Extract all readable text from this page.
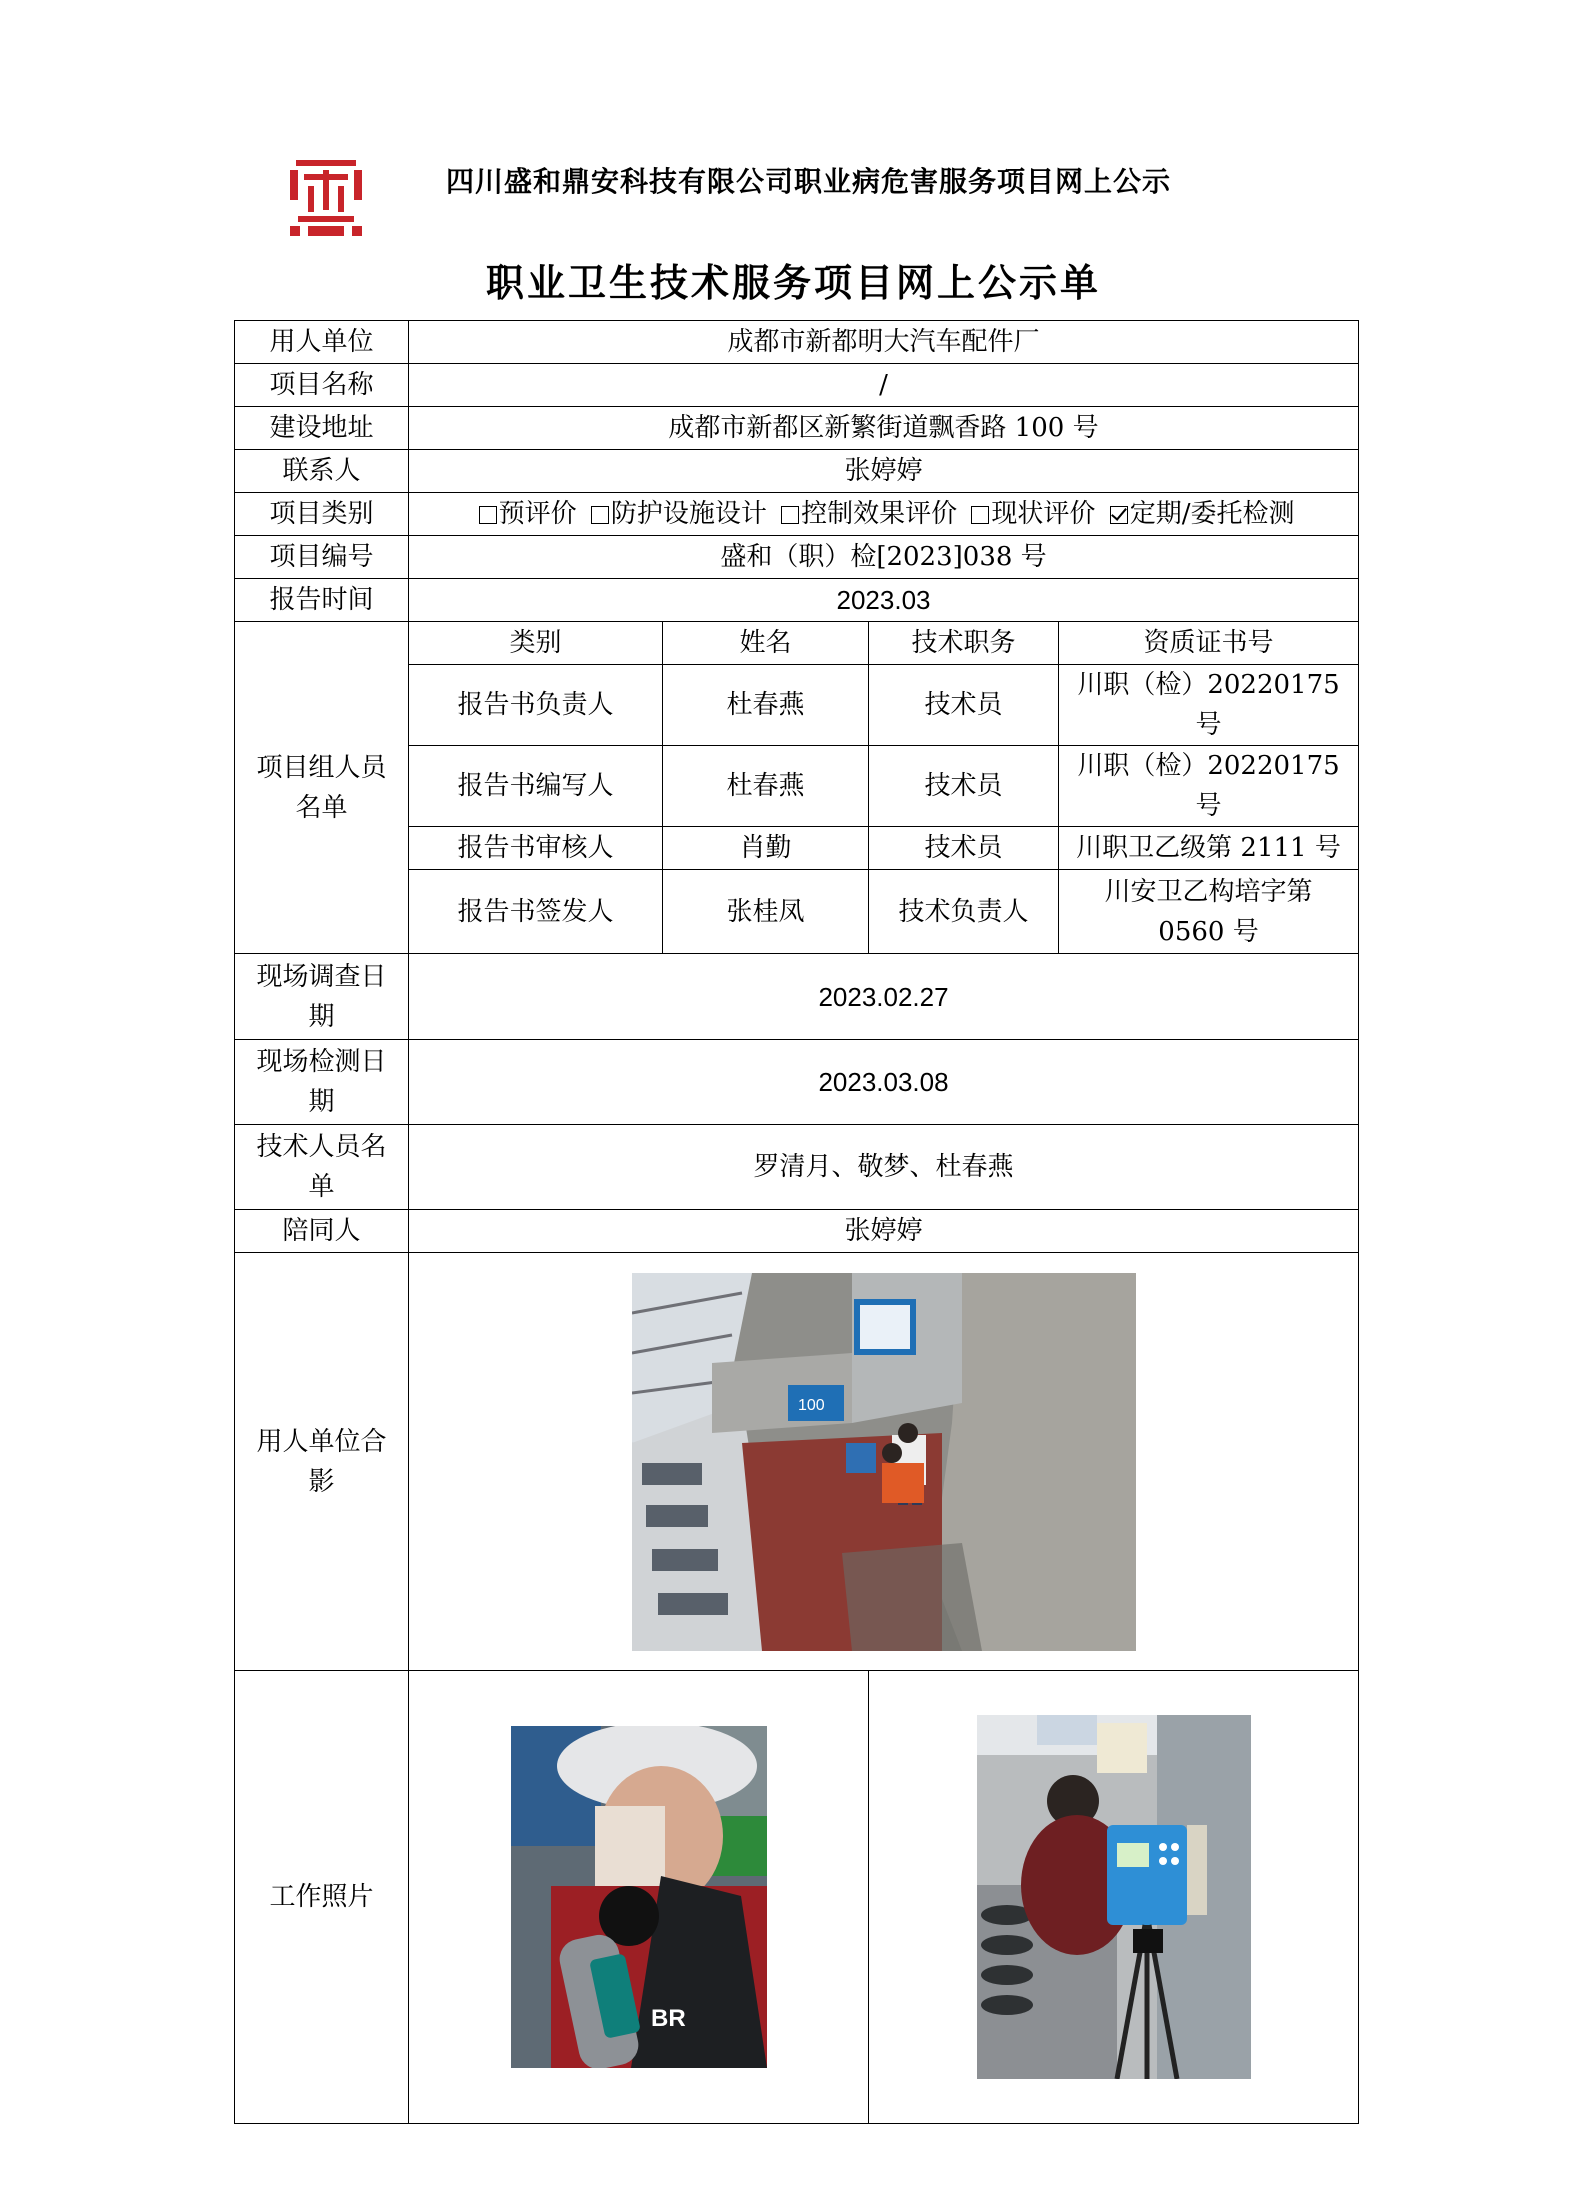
四川盛和鼎安科技有限公司职业病危害服务项目网上公示
职业卫生技术服务项目网上公示单
用人单位	成都市新都明大汽车配件厂			
项目名称	/			
建设地址	成都市新都区新繁街道飘香路 100 号			
联系人	张婷婷			
项目类别	预评价 防护设施设计 控制效果评价 现状评价 定期/委托检测			
项目编号	盛和（职）检[2023]038 号			
报告时间	2023.03			

项目组人员
名单	类别	姓名	技术职务	资质证书号
	报告书负责人	杜春燕	技术员	川职（检）20220175 号
	报告书编写人	杜春燕	技术员	川职（检）20220175 号
	报告书审核人	肖勤	技术员	川职卫乙级第 2111 号
	报告书签发人	张桂凤	技术负责人	川安卫乙构培字第
0560 号

现场调查日
期	2023.02.27			

现场检测日
期	2023.03.08			

技术人员名
单	罗清月、敬梦、杜春燕			
陪同人	张婷婷			

用人单位合
影	100			

工作照片	BR
